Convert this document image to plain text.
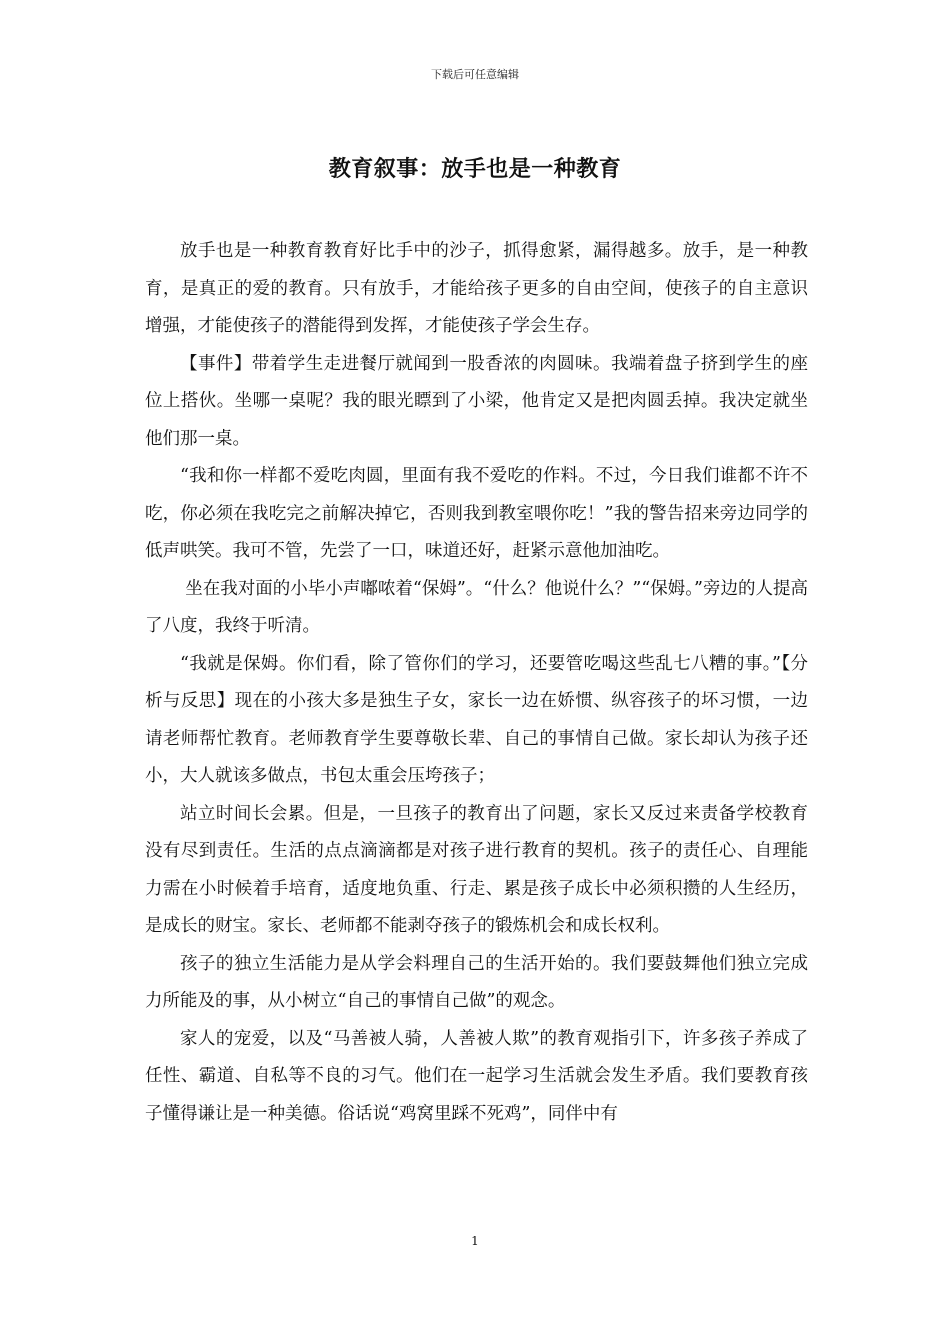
下载后可任意编辑
教育叙事：放手也是一种教育

放手也是一种教育教育好比手中的沙子，抓得愈紧，漏得越多。放手，是一种教育，是真正的爱的教育。只有放手，才能给孩子更多的自由空间，使孩子的自主意识增强，才能使孩子的潜能得到发挥，才能使孩子学会生存。

【事件】带着学生走进餐厅就闻到一股香浓的肉圆味。我端着盘子挤到学生的座位上搭伙。坐哪一桌呢？我的眼光瞟到了小梁，他肯定又是把肉圆丢掉。我决定就坐他们那一桌。

“我和你一样都不爱吃肉圆，里面有我不爱吃的作料。不过，今日我们谁都不许不吃，你必须在我吃完之前解决掉它，否则我到教室喂你吃！”我的警告招来旁边同学的低声哄笑。我可不管，先尝了一口，味道还好，赶紧示意他加油吃。

坐在我对面的小毕小声嘟哝着“保姆”。“什么？他说什么？”“保姆。”旁边的人提高了八度，我终于听清。

“我就是保姆。你们看，除了管你们的学习，还要管吃喝这些乱七八糟的事。”【分析与反思】现在的小孩大多是独生子女，家长一边在娇惯、纵容孩子的坏习惯，一边请老师帮忙教育。老师教育学生要尊敬长辈、自己的事情自己做。家长却认为孩子还小，大人就该多做点，书包太重会压垮孩子；

站立时间长会累。但是，一旦孩子的教育出了问题，家长又反过来责备学校教育没有尽到责任。生活的点点滴滴都是对孩子进行教育的契机。孩子的责任心、自理能力需在小时候着手培育，适度地负重、行走、累是孩子成长中必须积攒的人生经历，是成长的财宝。家长、老师都不能剥夺孩子的锻炼机会和成长权利。

孩子的独立生活能力是从学会料理自己的生活开始的。我们要鼓舞他们独立完成力所能及的事，从小树立“自己的事情自己做”的观念。

家人的宠爱，以及“马善被人骑，人善被人欺”的教育观指引下，许多孩子养成了任性、霸道、自私等不良的习气。他们在一起学习生活就会发生矛盾。我们要教育孩子懂得谦让是一种美德。俗话说“鸡窝里踩不死鸡”，同伴中有

1
